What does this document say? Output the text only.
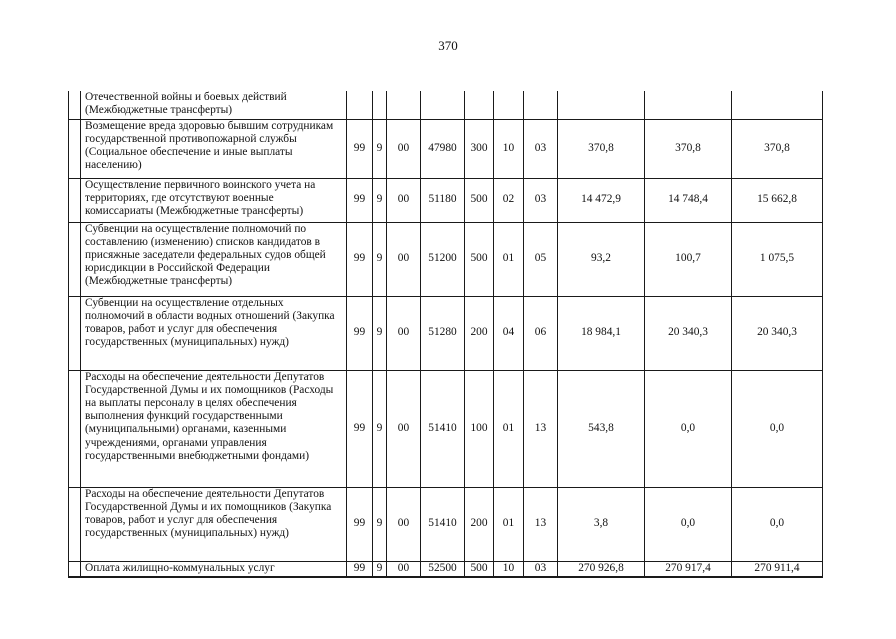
370
	Отечественной войны и боевых действий (Межбюджетные трансферты)										
	Возмещение вреда здоровью бывшим сотрудникам государственной противопожарной службы (Социальное обеспечение и иные выплаты населению)	99	9	00	47980	300	10	03	370,8	370,8	370,8
	Осуществление первичного воинского учета на территориях, где отсутствуют военные комиссариаты (Межбюджетные трансферты)	99	9	00	51180	500	02	03	14 472,9	14 748,4	15 662,8
	Субвенции на осуществление полномочий по составлению (изменению) списков кандидатов в присяжные заседатели федеральных судов общей юрисдикции в Российской Федерации (Межбюджетные трансферты)	99	9	00	51200	500	01	05	93,2	100,7	1 075,5
	Субвенции на осуществление отдельных полномочий в области водных отношений (Закупка товаров, работ и услуг для обеспечения государственных (муниципальных) нужд)	99	9	00	51280	200	04	06	18 984,1	20 340,3	20 340,3
	Расходы на обеспечение деятельности Депутатов Государственной Думы и их помощников (Расходы на выплаты персоналу в целях обеспечения выполнения функций государственными (муниципальными) органами, казенными учреждениями, органами управления государственными внебюджетными фондами)	99	9	00	51410	100	01	13	543,8	0,0	0,0
	Расходы на обеспечение деятельности Депутатов Государственной Думы и их помощников (Закупка товаров, работ и услуг для обеспечения государственных (муниципальных) нужд)	99	9	00	51410	200	01	13	3,8	0,0	0,0
	Оплата жилищно-коммунальных услуг	99	9	00	52500	500	10	03	270 926,8	270 917,4	270 911,4
